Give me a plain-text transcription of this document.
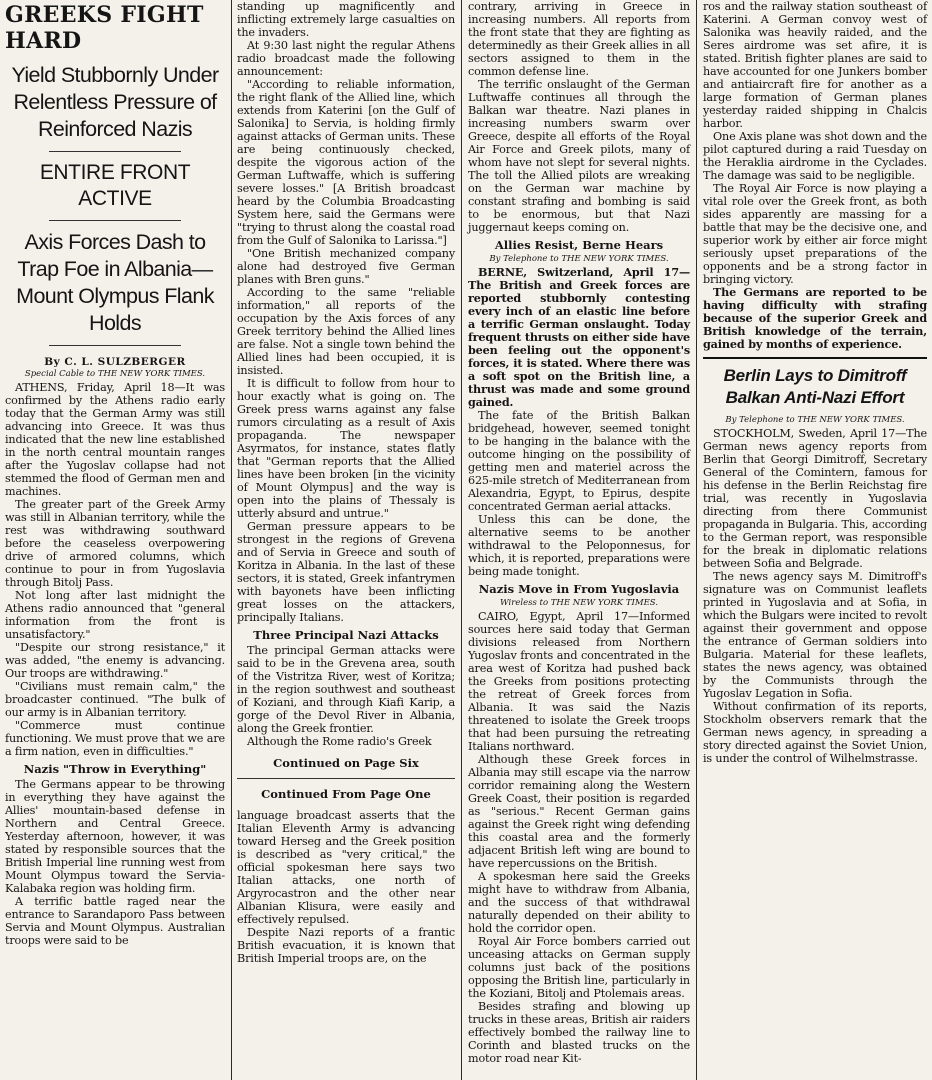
GREEKS FIGHT HARD
Yield Stubbornly Under Relentless Pressure of Reinforced Nazis
ENTIRE FRONT ACTIVE
Axis Forces Dash to Trap Foe in Albania—Mount Olympus Flank Holds
By C. L. SULZBERGER
Special Cable to THE NEW YORK TIMES.

ATHENS, Friday, April 18—It was confirmed by the Athens radio early today that the German Army was still advancing into Greece. It was thus indicated that the new line established in the north central mountain ranges after the Yugoslav collapse had not stemmed the flood of German men and machines.

The greater part of the Greek Army was still in Albanian territory, while the rest was withdrawing southward before the ceaseless overpowering drive of armored columns, which continue to pour in from Yugoslavia through Bitolj Pass.

Not long after last midnight the Athens radio announced that "general information from the front is unsatisfactory."

"Despite our strong resistance," it was added, "the enemy is advancing. Our troops are withdrawing."

"Civilians must remain calm," the broadcaster continued. "The bulk of our army is in Albanian territory.

"Commerce must continue functioning. We must prove that we are a firm nation, even in difficulties."

Nazis "Throw in Everything"

The Germans appear to be throwing in everything they have against the Allies' mountain-based defense in Northern and Central Greece. Yesterday afternoon, however, it was stated by responsible sources that the British Imperial line running west from Mount Olympus toward the Servia-Kalabaka region was holding firm.

A terrific battle raged near the entrance to Sarandaporo Pass between Servia and Mount Olympus. Australian troops were said to be

standing up magnificently and inflicting extremely large casualties on the invaders.

At 9:30 last night the regular Athens radio broadcast made the following announcement:

"According to reliable information, the right flank of the Allied line, which extends from Katerini [on the Gulf of Salonika] to Servia, is holding firmly against attacks of German units. These are being continuously checked, despite the vigorous action of the German Luftwaffe, which is suffering severe losses." [A British broadcast heard by the Columbia Broadcasting System here, said the Germans were "trying to thrust along the coastal road from the Gulf of Salonika to Larissa."]

"One British mechanized company alone had destroyed five German planes with Bren guns."

According to the same "reliable information," all reports of the occupation by the Axis forces of any Greek territory behind the Allied lines are false. Not a single town behind the Allied lines had been occupied, it is insisted.

It is difficult to follow from hour to hour exactly what is going on. The Greek press warns against any false rumors circulating as a result of Axis propaganda. The newspaper Asyrmatos, for instance, states flatly that "German reports that the Allied lines have been broken [in the vicinity of Mount Olympus] and the way is open into the plains of Thessaly is utterly absurd and untrue."

German pressure appears to be strongest in the regions of Grevena and of Servia in Greece and south of Koritza in Albania. In the last of these sectors, it is stated, Greek infantrymen with bayonets have been inflicting great losses on the attackers, principally Italians.

Three Principal Nazi Attacks

The principal German attacks were said to be in the Grevena area, south of the Vistritza River, west of Koritza; in the region southwest and southeast of Koziani, and through Kiafi Karip, a gorge of the Devol River in Albania, along the Greek frontier.

Although the Rome radio's Greek

Continued on Page Six
Continued From Page One

language broadcast asserts that the Italian Eleventh Army is advancing toward Herseg and the Greek position is described as "very critical," the official spokesman here says two Italian attacks, one north of Argyrocastron and the other near Albanian Klisura, were easily and effectively repulsed.

Despite Nazi reports of a frantic British evacuation, it is known that British Imperial troops are, on the

contrary, arriving in Greece in increasing numbers. All reports from the front state that they are fighting as determinedly as their Greek allies in all sectors assigned to them in the common defense line.

The terrific onslaught of the German Luftwaffe continues all through the Balkan war theatre. Nazi planes in increasing numbers swarm over Greece, despite all efforts of the Royal Air Force and Greek pilots, many of whom have not slept for several nights. The toll the Allied pilots are wreaking on the German war machine by constant strafing and bombing is said to be enormous, but that Nazi juggernaut keeps coming on.

Allies Resist, Berne Hears
By Telephone to THE NEW YORK TIMES.

BERNE, Switzerland, April 17—The British and Greek forces are reported stubbornly contesting every inch of an elastic line before a terrific German onslaught. Today frequent thrusts on either side have been feeling out the opponent's forces, it is stated. Where there was a soft spot on the British line, a thrust was made and some ground gained.

The fate of the British Balkan bridgehead, however, seemed tonight to be hanging in the balance with the outcome hinging on the possibility of getting men and materiel across the 625-mile stretch of Mediterranean from Alexandria, Egypt, to Epirus, despite concentrated German aerial attacks.

Unless this can be done, the alternative seems to be another withdrawal to the Peloponnesus, for which, it is reported, preparations were being made tonight.

Nazis Move in From Yugoslavia
Wireless to THE NEW YORK TIMES.

CAIRO, Egypt, April 17—Informed sources here said today that German divisions released from Northern Yugoslav fronts and concentrated in the area west of Koritza had pushed back the Greeks from positions protecting the retreat of Greek forces from Albania. It was said the Nazis threatened to isolate the Greek troops that had been pursuing the retreating Italians northward.

Although these Greek forces in Albania may still escape via the narrow corridor remaining along the Western Greek Coast, their position is regarded as "serious." Recent German gains against the Greek right wing defending this coastal area and the formerly adjacent British left wing are bound to have repercussions on the British.

A spokesman here said the Greeks might have to withdraw from Albania, and the success of that withdrawal naturally depended on their ability to hold the corridor open.

Royal Air Force bombers carried out unceasing attacks on German supply columns just back of the positions opposing the British line, particularly in the Koziani, Bitolj and Ptolemais areas.

Besides strafing and blowing up trucks in these areas, British air raiders effectively bombed the railway line to Corinth and blasted trucks on the motor road near Kit-

ros and the railway station southeast of Katerini. A German convoy west of Salonika was heavily raided, and the Seres airdrome was set afire, it is stated. British fighter planes are said to have accounted for one Junkers bomber and antiaircraft fire for another as a large formation of German planes yesterday raided shipping in Chalcis harbor.

One Axis plane was shot down and the pilot captured during a raid Tuesday on the Heraklia airdrome in the Cyclades. The damage was said to be negligible.

The Royal Air Force is now playing a vital role over the Greek front, as both sides apparently are massing for a battle that may be the decisive one, and superior work by either air force might seriously upset preparations of the opponents and be a strong factor in bringing victory.

The Germans are reported to be having difficulty with strafing because of the superior Greek and British knowledge of the terrain, gained by months of experience.

Berlin Lays to Dimitroff Balkan Anti-Nazi Effort
By Telephone to THE NEW YORK TIMES.

STOCKHOLM, Sweden, April 17—The German news agency reports from Berlin that Georgi Dimitroff, Secretary General of the Comintern, famous for his defense in the Berlin Reichstag fire trial, was recently in Yugoslavia directing from there Communist propaganda in Bulgaria. This, according to the German report, was responsible for the break in diplomatic relations between Sofia and Belgrade.

The news agency says M. Dimitroff's signature was on Communist leaflets printed in Yugoslavia and at Sofia, in which the Bulgars were incited to revolt against their government and oppose the entrance of German soldiers into Bulgaria. Material for these leaflets, states the news agency, was obtained by the Communists through the Yugoslav Legation in Sofia.

Without confirmation of its reports, Stockholm observers remark that the German news agency, in spreading a story directed against the Soviet Union, is under the control of Wilhelmstrasse.
